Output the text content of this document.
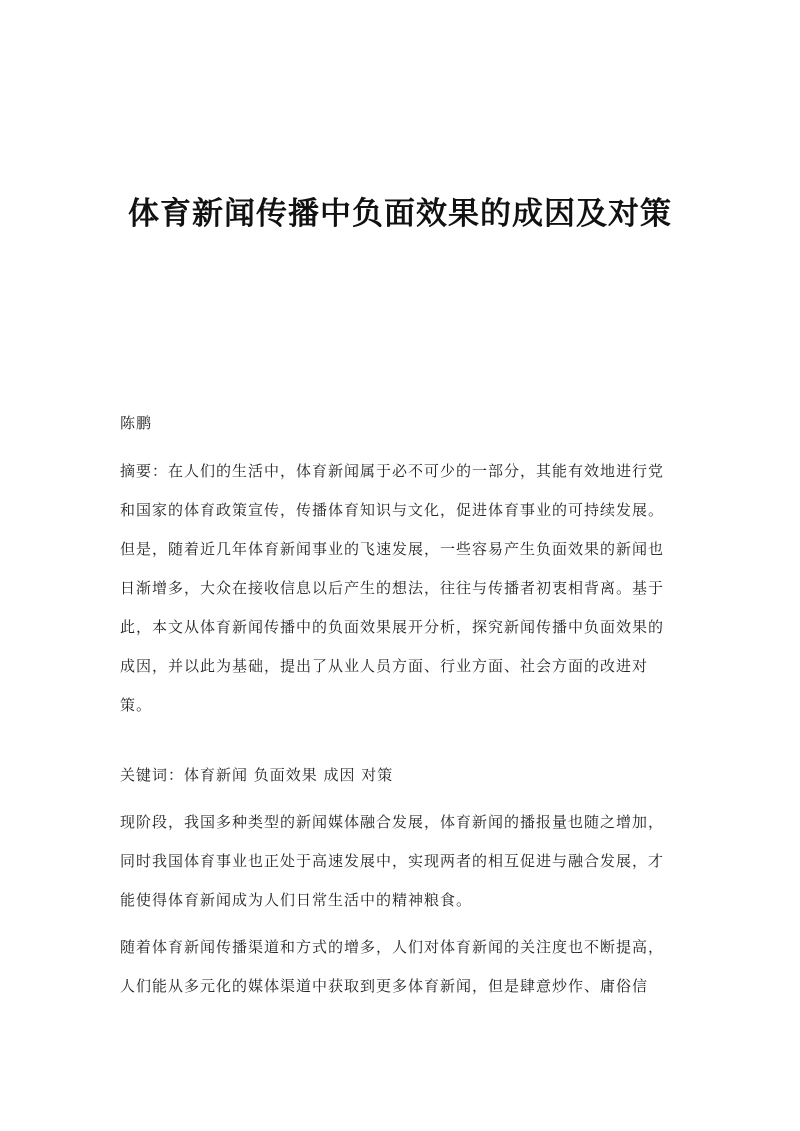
体育新闻传播中负面效果的成因及对策
陈鹏
摘要：在人们的生活中，体育新闻属于必不可少的一部分，其能有效地进行党
和国家的体育政策宣传，传播体育知识与文化，促进体育事业的可持续发展。
但是，随着近几年体育新闻事业的飞速发展，一些容易产生负面效果的新闻也
日渐增多，大众在接收信息以后产生的想法，往往与传播者初衷相背离。基于
此，本文从体育新闻传播中的负面效果展开分析，探究新闻传播中负面效果的
成因，并以此为基础，提出了从业人员方面、行业方面、社会方面的改进对
策。
关键词：体育新闻 负面效果 成因 对策
现阶段，我国多种类型的新闻媒体融合发展，体育新闻的播报量也随之增加，
同时我国体育事业也正处于高速发展中，实现两者的相互促进与融合发展，才
能使得体育新闻成为人们日常生活中的精神粮食。
随着体育新闻传播渠道和方式的增多，人们对体育新闻的关注度也不断提高，
人们能从多元化的媒体渠道中获取到更多体育新闻，但是肆意炒作、庸俗信
